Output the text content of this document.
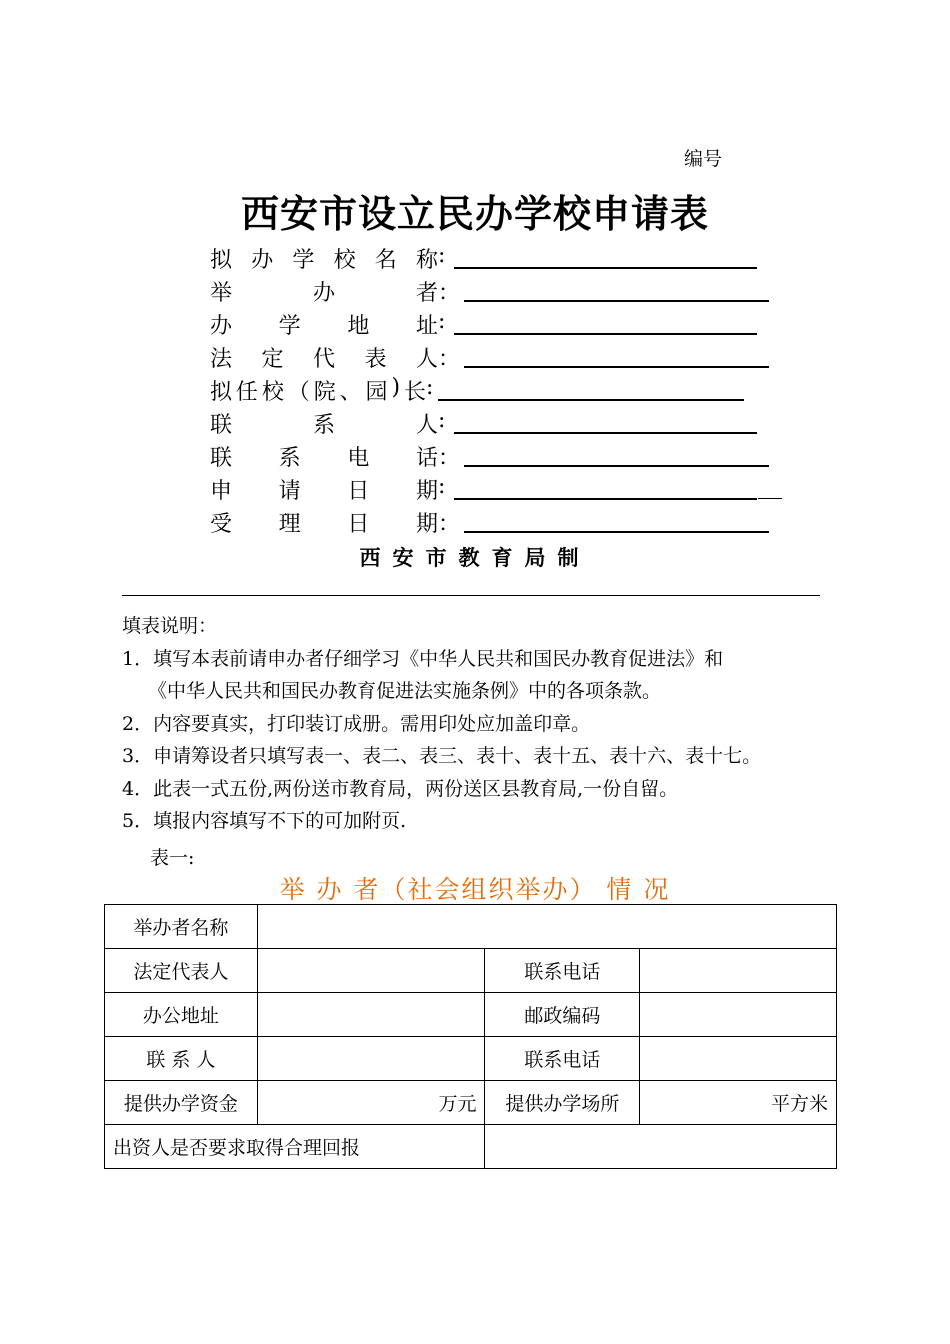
编号
西安市设立民办学校申请表
拟 办 学 校 名 称 :
举	办	者 ：
办 学 地 址 :
法 定 代 表 人 ：
拟 任 校 （ 院 、 园 ) 长 :
联	系	人 :
联 系 电 话 ：
申 请 日 期 :
受 理 日 期 ：
西安市教育局制
填表说明：
1．填写本表前请申办者仔细学习《中华人民共和国民办教育促进法》和
《中华人民共和国民办教育促进法实施条例》中的各项条款。
2．内容要真实，打印装订成册。需用印处应加盖印章。
3．申请筹设者只填写表一、表二、表三、表十、表十五、表十六、表十七。
4．此表一式五份,两份送市教育局，两份送区县教育局,一份自留。
5．填报内容填写不下的可加附页.
表一:
举 办 者（社会组织举办） 情 况
举办者名称			
法定代表人		联系电话	
办公地址		邮政编码	
联 系 人		联系电话	
提供办学资金	万元	提供办学场所	平方米
出资人是否要求取得合理回报			
